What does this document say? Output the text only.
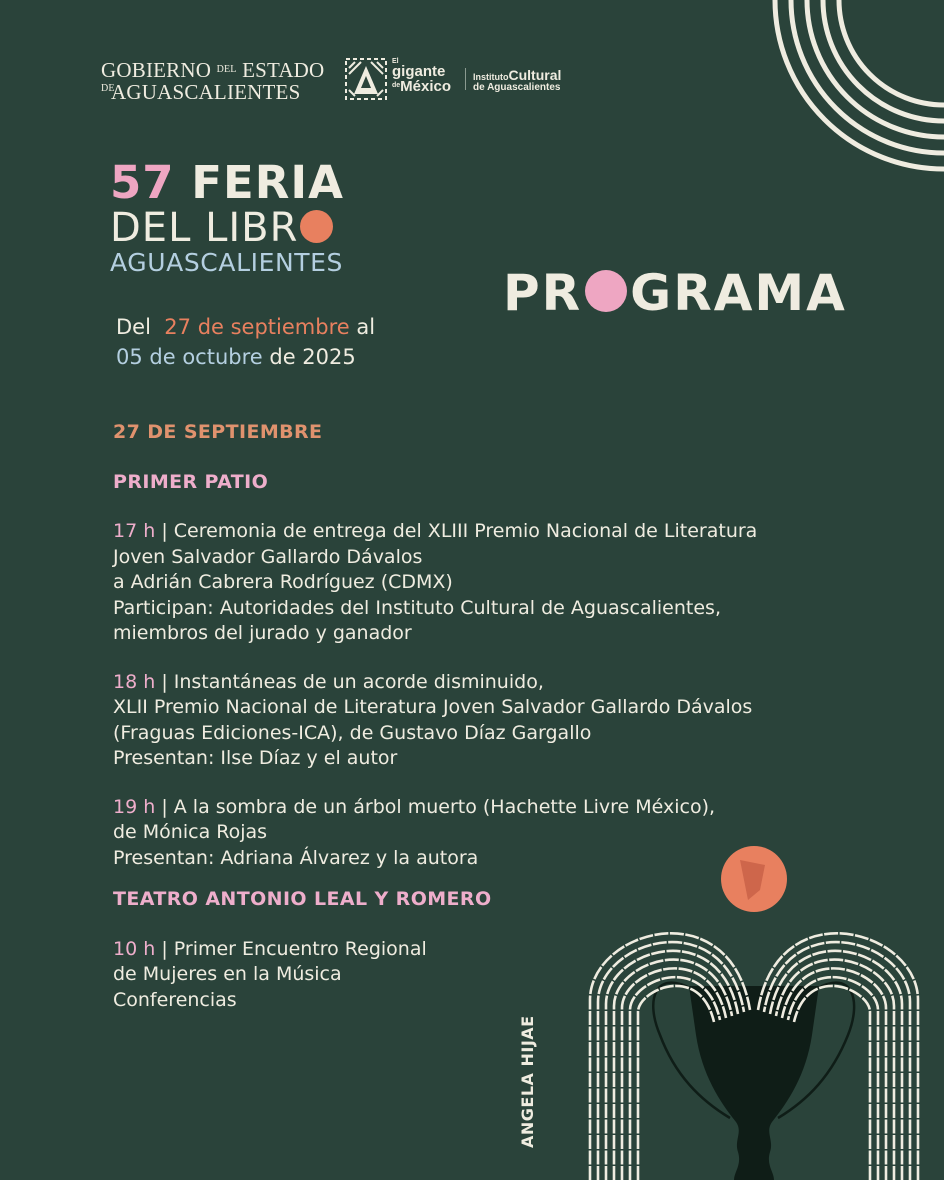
GOBIERNO $^{DEL}$ ESTADO
DE
AGUASCALIENTES
El
gigante
$^{de}$México
InstitutoCultural
de Aguascalientes
57 FERIA
DEL LIBR
AGUASCALIENTES
PR GRAMA
Del 27 de septiembre al
05 de octubre de 2025
27 DE SEPTIEMBRE
PRIMER PATIO
17 h | Ceremonia de entrega del XLIII Premio Nacional de Literatura
Joven Salvador Gallardo Dávalos
a Adrián Cabrera Rodríguez (CDMX)
Participan: Autoridades del Instituto Cultural de Aguascalientes,
miembros del jurado y ganador
18 h | Instantáneas de un acorde disminuido,
XLII Premio Nacional de Literatura Joven Salvador Gallardo Dávalos
(Fraguas Ediciones-ICA), de Gustavo Díaz Gargallo
Presentan: Ilse Díaz y el autor
19 h | A la sombra de un árbol muerto (Hachette Livre México),
de Mónica Rojas
Presentan: Adriana Álvarez y la autora
TEATRO ANTONIO LEAL Y ROMERO
10 h | Primer Encuentro Regional
de Mujeres en la Música
Conferencias
ANGELA HIJAE
